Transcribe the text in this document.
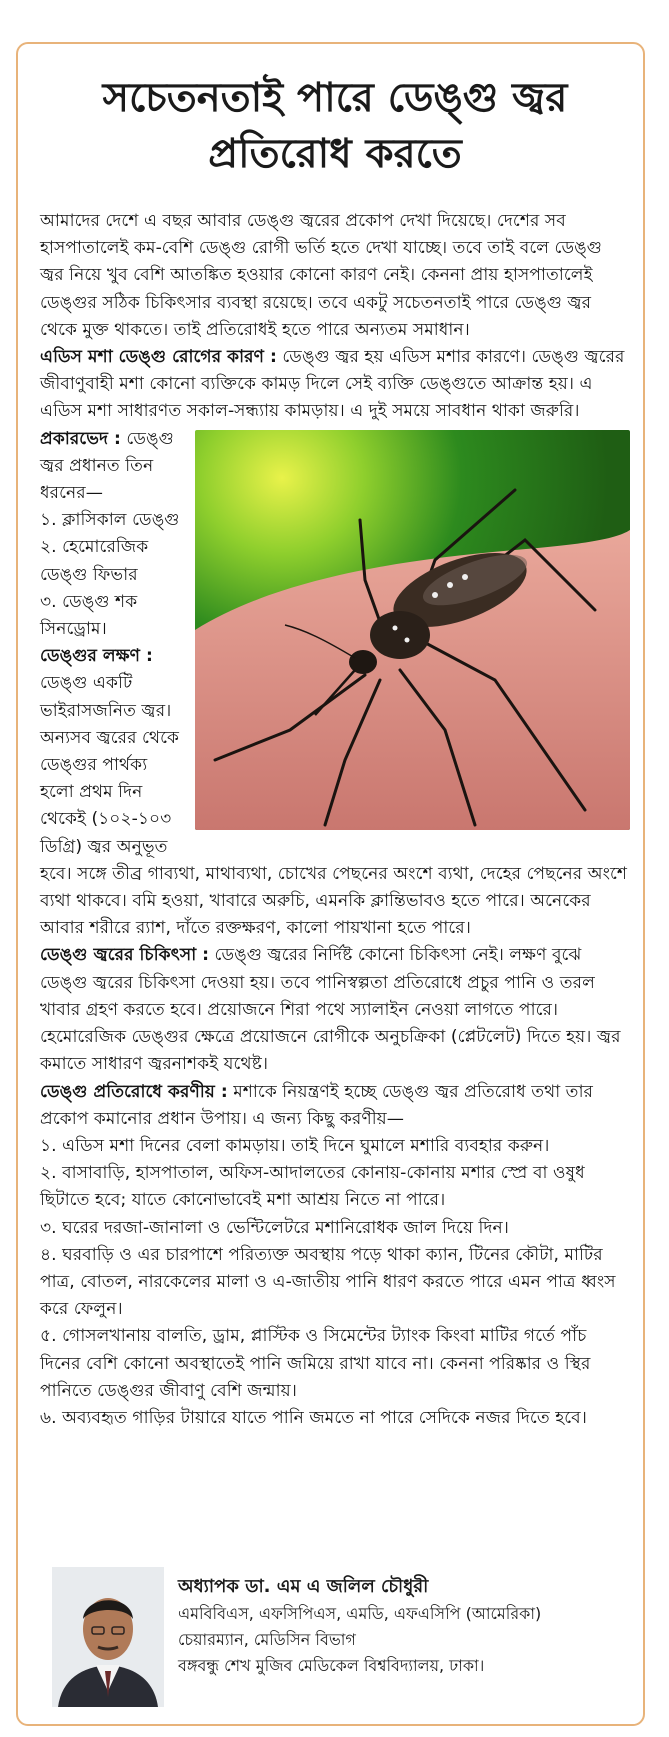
সচেতনতাই পারে ডেঙ্গু জ্বর
প্রতিরোধ করতে

আমাদের দেশে এ বছর আবার ডেঙ্গু জ্বরের প্রকোপ দেখা দিয়েছে। দেশের সব হাসপাতালেই কম-বেশি ডেঙ্গু রোগী ভর্তি হতে দেখা যাচ্ছে। তবে তাই বলে ডেঙ্গু জ্বর নিয়ে খুব বেশি আতঙ্কিত হওয়ার কোনো কারণ নেই। কেননা প্রায় হাসপাতালেই ডেঙ্গুর সঠিক চিকিৎসার ব্যবস্থা রয়েছে। তবে একটু সচেতনতাই পারে ডেঙ্গু জ্বর থেকে মুক্ত থাকতে। তাই প্রতিরোধই হতে পারে অন্যতম সমাধান।

এডিস মশা ডেঙ্গু রোগের কারণ : ডেঙ্গু জ্বর হয় এডিস মশার কারণে। ডেঙ্গু জ্বরের জীবাণুবাহী মশা কোনো ব্যক্তিকে কামড় দিলে সেই ব্যক্তি ডেঙ্গুতে আক্রান্ত হয়। এ এডিস মশা সাধারণত সকাল-সন্ধ্যায় কামড়ায়। এ দুই সময়ে সাবধান থাকা জরুরি।

প্রকারভেদ : ডেঙ্গু জ্বর প্রধানত তিন ধরনের—

১. ক্লাসিকাল ডেঙ্গু

২. হেমোরেজিক ডেঙ্গু ফিভার

৩. ডেঙ্গু শক সিনড্রোম।

ডেঙ্গুর লক্ষণ : ডেঙ্গু একটি ভাইরাসজনিত জ্বর। অন্যসব জ্বরের থেকে ডেঙ্গুর পার্থক্য হলো প্রথম দিন থেকেই (১০২-১০৩ ডিগ্রি) জ্বর অনুভূত হবে। সঙ্গে তীব্র গাব্যথা, মাথাব্যথা, চোখের পেছনের অংশে ব্যথা, দেহের পেছনের অংশে ব্যথা থাকবে। বমি হওয়া, খাবারে অরুচি, এমনকি ক্লান্তিভাবও হতে পারে। অনেকের আবার শরীরে র‍্যাশ, দাঁতে রক্তক্ষরণ, কালো পায়খানা হতে পারে।

ডেঙ্গু জ্বরের চিকিৎসা : ডেঙ্গু জ্বরের নির্দিষ্ট কোনো চিকিৎসা নেই। লক্ষণ বুঝে ডেঙ্গু জ্বরের চিকিৎসা দেওয়া হয়। তবে পানিস্বল্পতা প্রতিরোধে প্রচুর পানি ও তরল খাবার গ্রহণ করতে হবে। প্রয়োজনে শিরা পথে স্যালাইন নেওয়া লাগতে পারে। হেমোরেজিক ডেঙ্গুর ক্ষেত্রে প্রয়োজনে রোগীকে অনুচক্রিকা (প্লেটলেট) দিতে হয়। জ্বর কমাতে সাধারণ জ্বরনাশকই যথেষ্ট।

ডেঙ্গু প্রতিরোধে করণীয় : মশাকে নিয়ন্ত্রণই হচ্ছে ডেঙ্গু জ্বর প্রতিরোধ তথা তার প্রকোপ কমানোর প্রধান উপায়। এ জন্য কিছু করণীয়—

১. এডিস মশা দিনের বেলা কামড়ায়। তাই দিনে ঘুমালে মশারি ব্যবহার করুন।

২. বাসাবাড়ি, হাসপাতাল, অফিস-আদালতের কোনায়-কোনায় মশার স্প্রে বা ওষুধ ছিটাতে হবে; যাতে কোনোভাবেই মশা আশ্রয় নিতে না পারে।

৩. ঘরের দরজা-জানালা ও ভেন্টিলেটরে মশানিরোধক জাল দিয়ে দিন।

৪. ঘরবাড়ি ও এর চারপাশে পরিত্যক্ত অবস্থায় পড়ে থাকা ক্যান, টিনের কৌটা, মাটির পাত্র, বোতল, নারকেলের মালা ও এ-জাতীয় পানি ধারণ করতে পারে এমন পাত্র ধ্বংস করে ফেলুন।

৫. গোসলখানায় বালতি, ড্রাম, প্লাস্টিক ও সিমেন্টের ট্যাংক কিংবা মাটির গর্তে পাঁচ দিনের বেশি কোনো অবস্থাতেই পানি জমিয়ে রাখা যাবে না। কেননা পরিষ্কার ও স্থির পানিতে ডেঙ্গুর জীবাণু বেশি জন্মায়।

৬. অব্যবহৃত গাড়ির টায়ারে যাতে পানি জমতে না পারে সেদিকে নজর দিতে হবে।

অধ্যাপক ডা. এম এ জলিল চৌধুরী
এমবিবিএস, এফসিপিএস, এমডি, এফএসিপি (আমেরিকা)
চেয়ারম্যান, মেডিসিন বিভাগ
বঙ্গবন্ধু শেখ মুজিব মেডিকেল বিশ্ববিদ্যালয়, ঢাকা।
